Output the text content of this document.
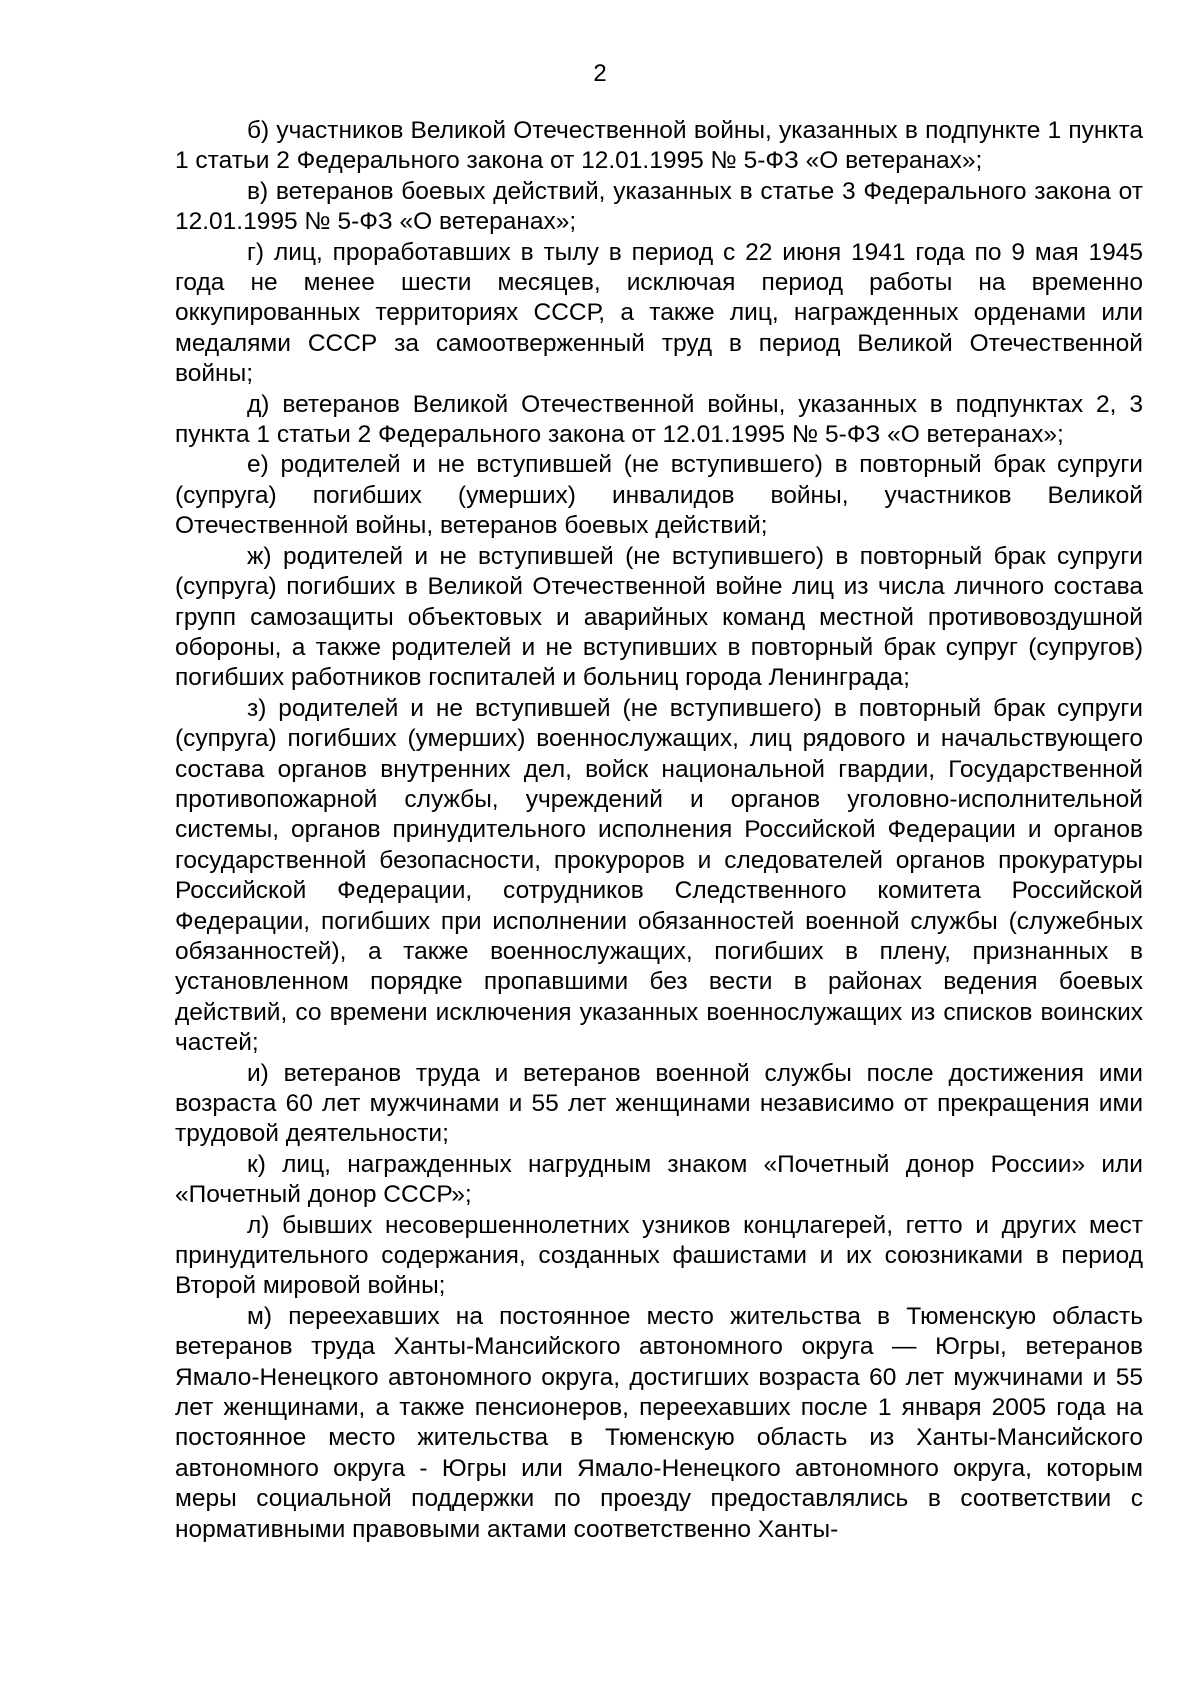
2

б) участников Великой Отечественной войны, указанных в подпункте 1 пункта 1 статьи 2 Федерального закона от 12.01.1995 № 5-ФЗ «О ветеранах»;

в) ветеранов боевых действий, указанных в статье 3 Федерального закона от 12.01.1995 № 5-ФЗ «О ветеранах»;

г) лиц, проработавших в тылу в период с 22 июня 1941 года по 9 мая 1945 года не менее шести месяцев, исключая период работы на временно оккупированных территориях СССР, а также лиц, награжденных орденами или медалями СССР за самоотверженный труд в период Великой Отечественной войны;

д) ветеранов Великой Отечественной войны, указанных в подпунктах 2, 3 пункта 1 статьи 2 Федерального закона от 12.01.1995 № 5-ФЗ «О ветеранах»;

е) родителей и не вступившей (не вступившего) в повторный брак супруги (супруга) погибших (умерших) инвалидов войны, участников Великой Отечественной войны, ветеранов боевых действий;

ж) родителей и не вступившей (не вступившего) в повторный брак супруги (супруга) погибших в Великой Отечественной войне лиц из числа личного состава групп самозащиты объектовых и аварийных команд местной противовоздушной обороны, а также родителей и не вступивших в повторный брак супруг (супругов) погибших работников госпиталей и больниц города Ленинграда;

з) родителей и не вступившей (не вступившего) в повторный брак супруги (супруга) погибших (умерших) военнослужащих, лиц рядового и начальствующего состава органов внутренних дел, войск национальной гвардии, Государственной противопожарной службы, учреждений и органов уголовно-исполнительной системы, органов принудительного исполнения Российской Федерации и органов государственной безопасности, прокуроров и следователей органов прокуратуры Российской Федерации, сотрудников Следственного комитета Российской Федерации, погибших при исполнении обязанностей военной службы (служебных обязанностей), а также военнослужащих, погибших в плену, признанных в установленном порядке пропавшими без вести в районах ведения боевых действий, со времени исключения указанных военнослужащих из списков воинских частей;

и) ветеранов труда и ветеранов военной службы после достижения ими возраста 60 лет мужчинами и 55 лет женщинами независимо от прекращения ими трудовой деятельности;

к) лиц, награжденных нагрудным знаком «Почетный донор России» или «Почетный донор СССР»;

л) бывших несовершеннолетних узников концлагерей, гетто и других мест принудительного содержания, созданных фашистами и их союзниками в период Второй мировой войны;

м) переехавших на постоянное место жительства в Тюменскую область ветеранов труда Ханты-Мансийского автономного округа — Югры, ветеранов Ямало-Ненецкого автономного округа, достигших возраста 60 лет мужчинами и 55 лет женщинами, а также пенсионеров, переехавших после 1 января 2005 года на постоянное место жительства в Тюменскую область из Ханты-Мансийского автономного округа - Югры или Ямало-Ненецкого автономного округа, которым меры социальной поддержки по проезду предоставлялись в соответствии с нормативными правовыми актами соответственно Ханты-
